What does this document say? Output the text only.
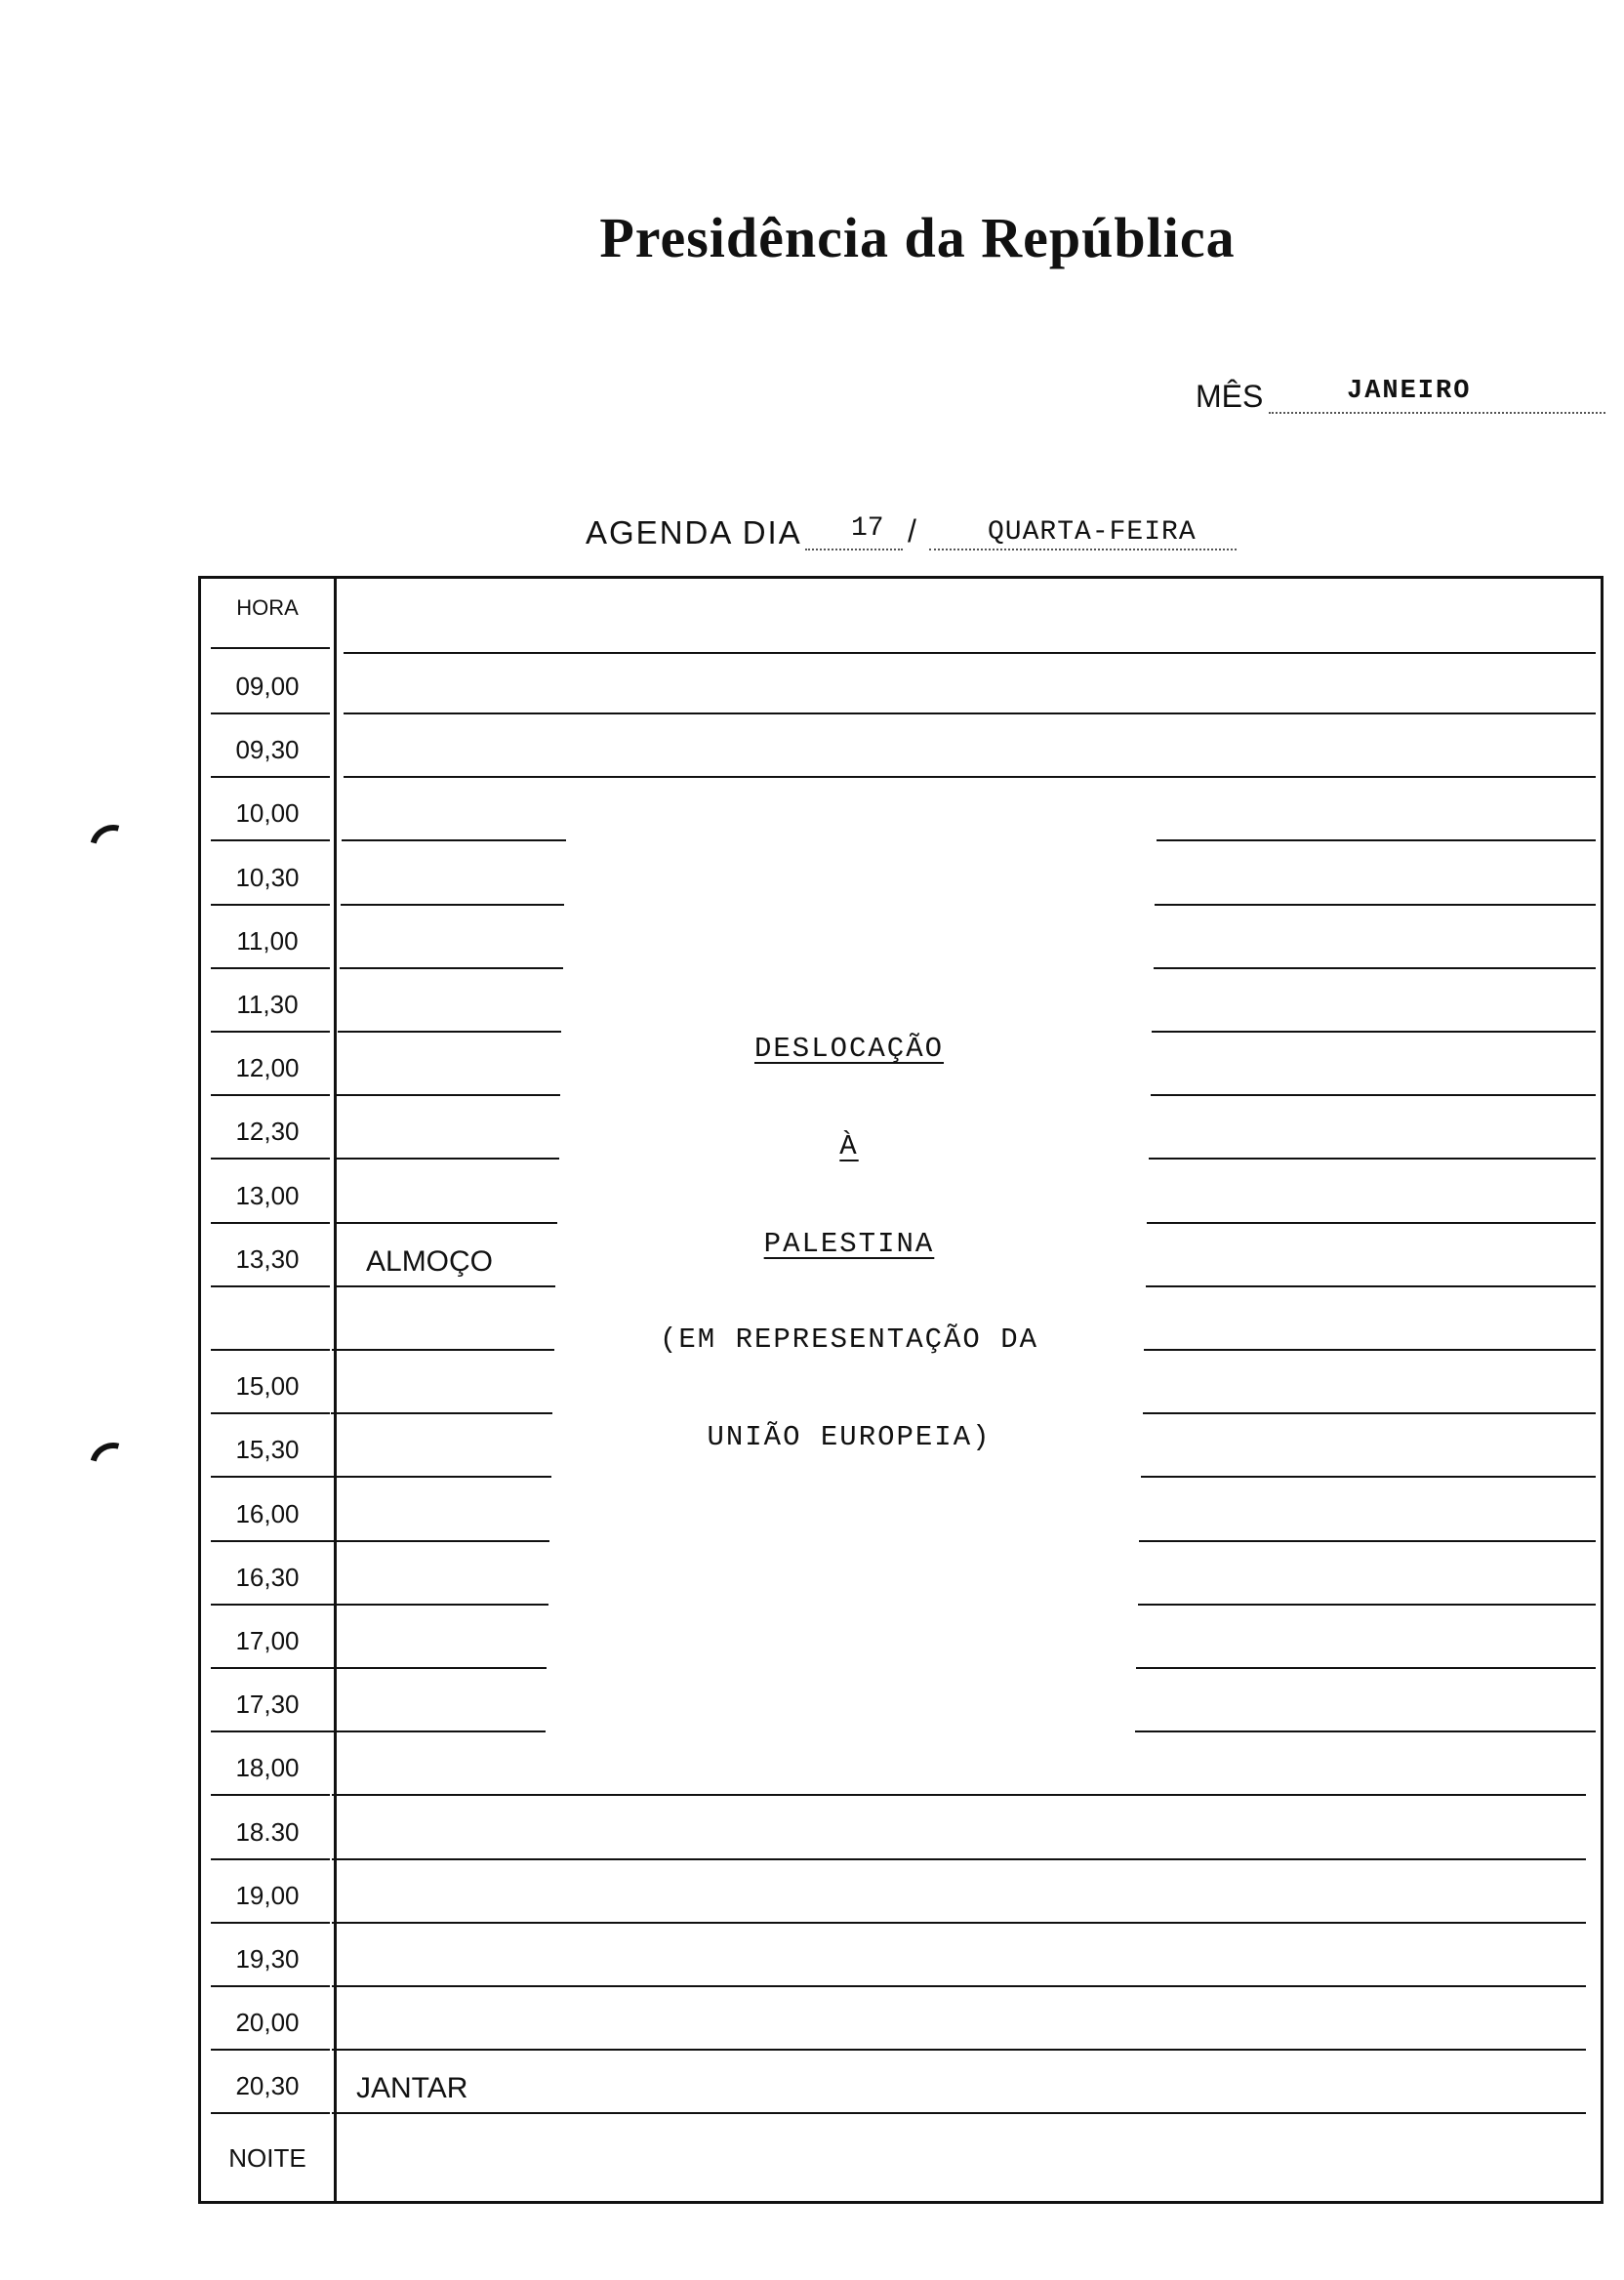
Presidência da República
MÊS	JANEIRO
AGENDA DIA 17 /	QUARTA-FEIRA
HORA
09,00
09,30
10,00
10,30
11,00
11,30
12,00
12,30
13,00
13,30
15,00
15,30
16,00
16,30
17,00
17,30
18,00
18.30
19,00
19,30
20,00
20,30
NOITE
ALMOÇO
JANTAR
DESLOCAÇÃO
À
PALESTINA
(EM REPRESENTAÇÃO DA
UNIÃO EUROPEIA)
